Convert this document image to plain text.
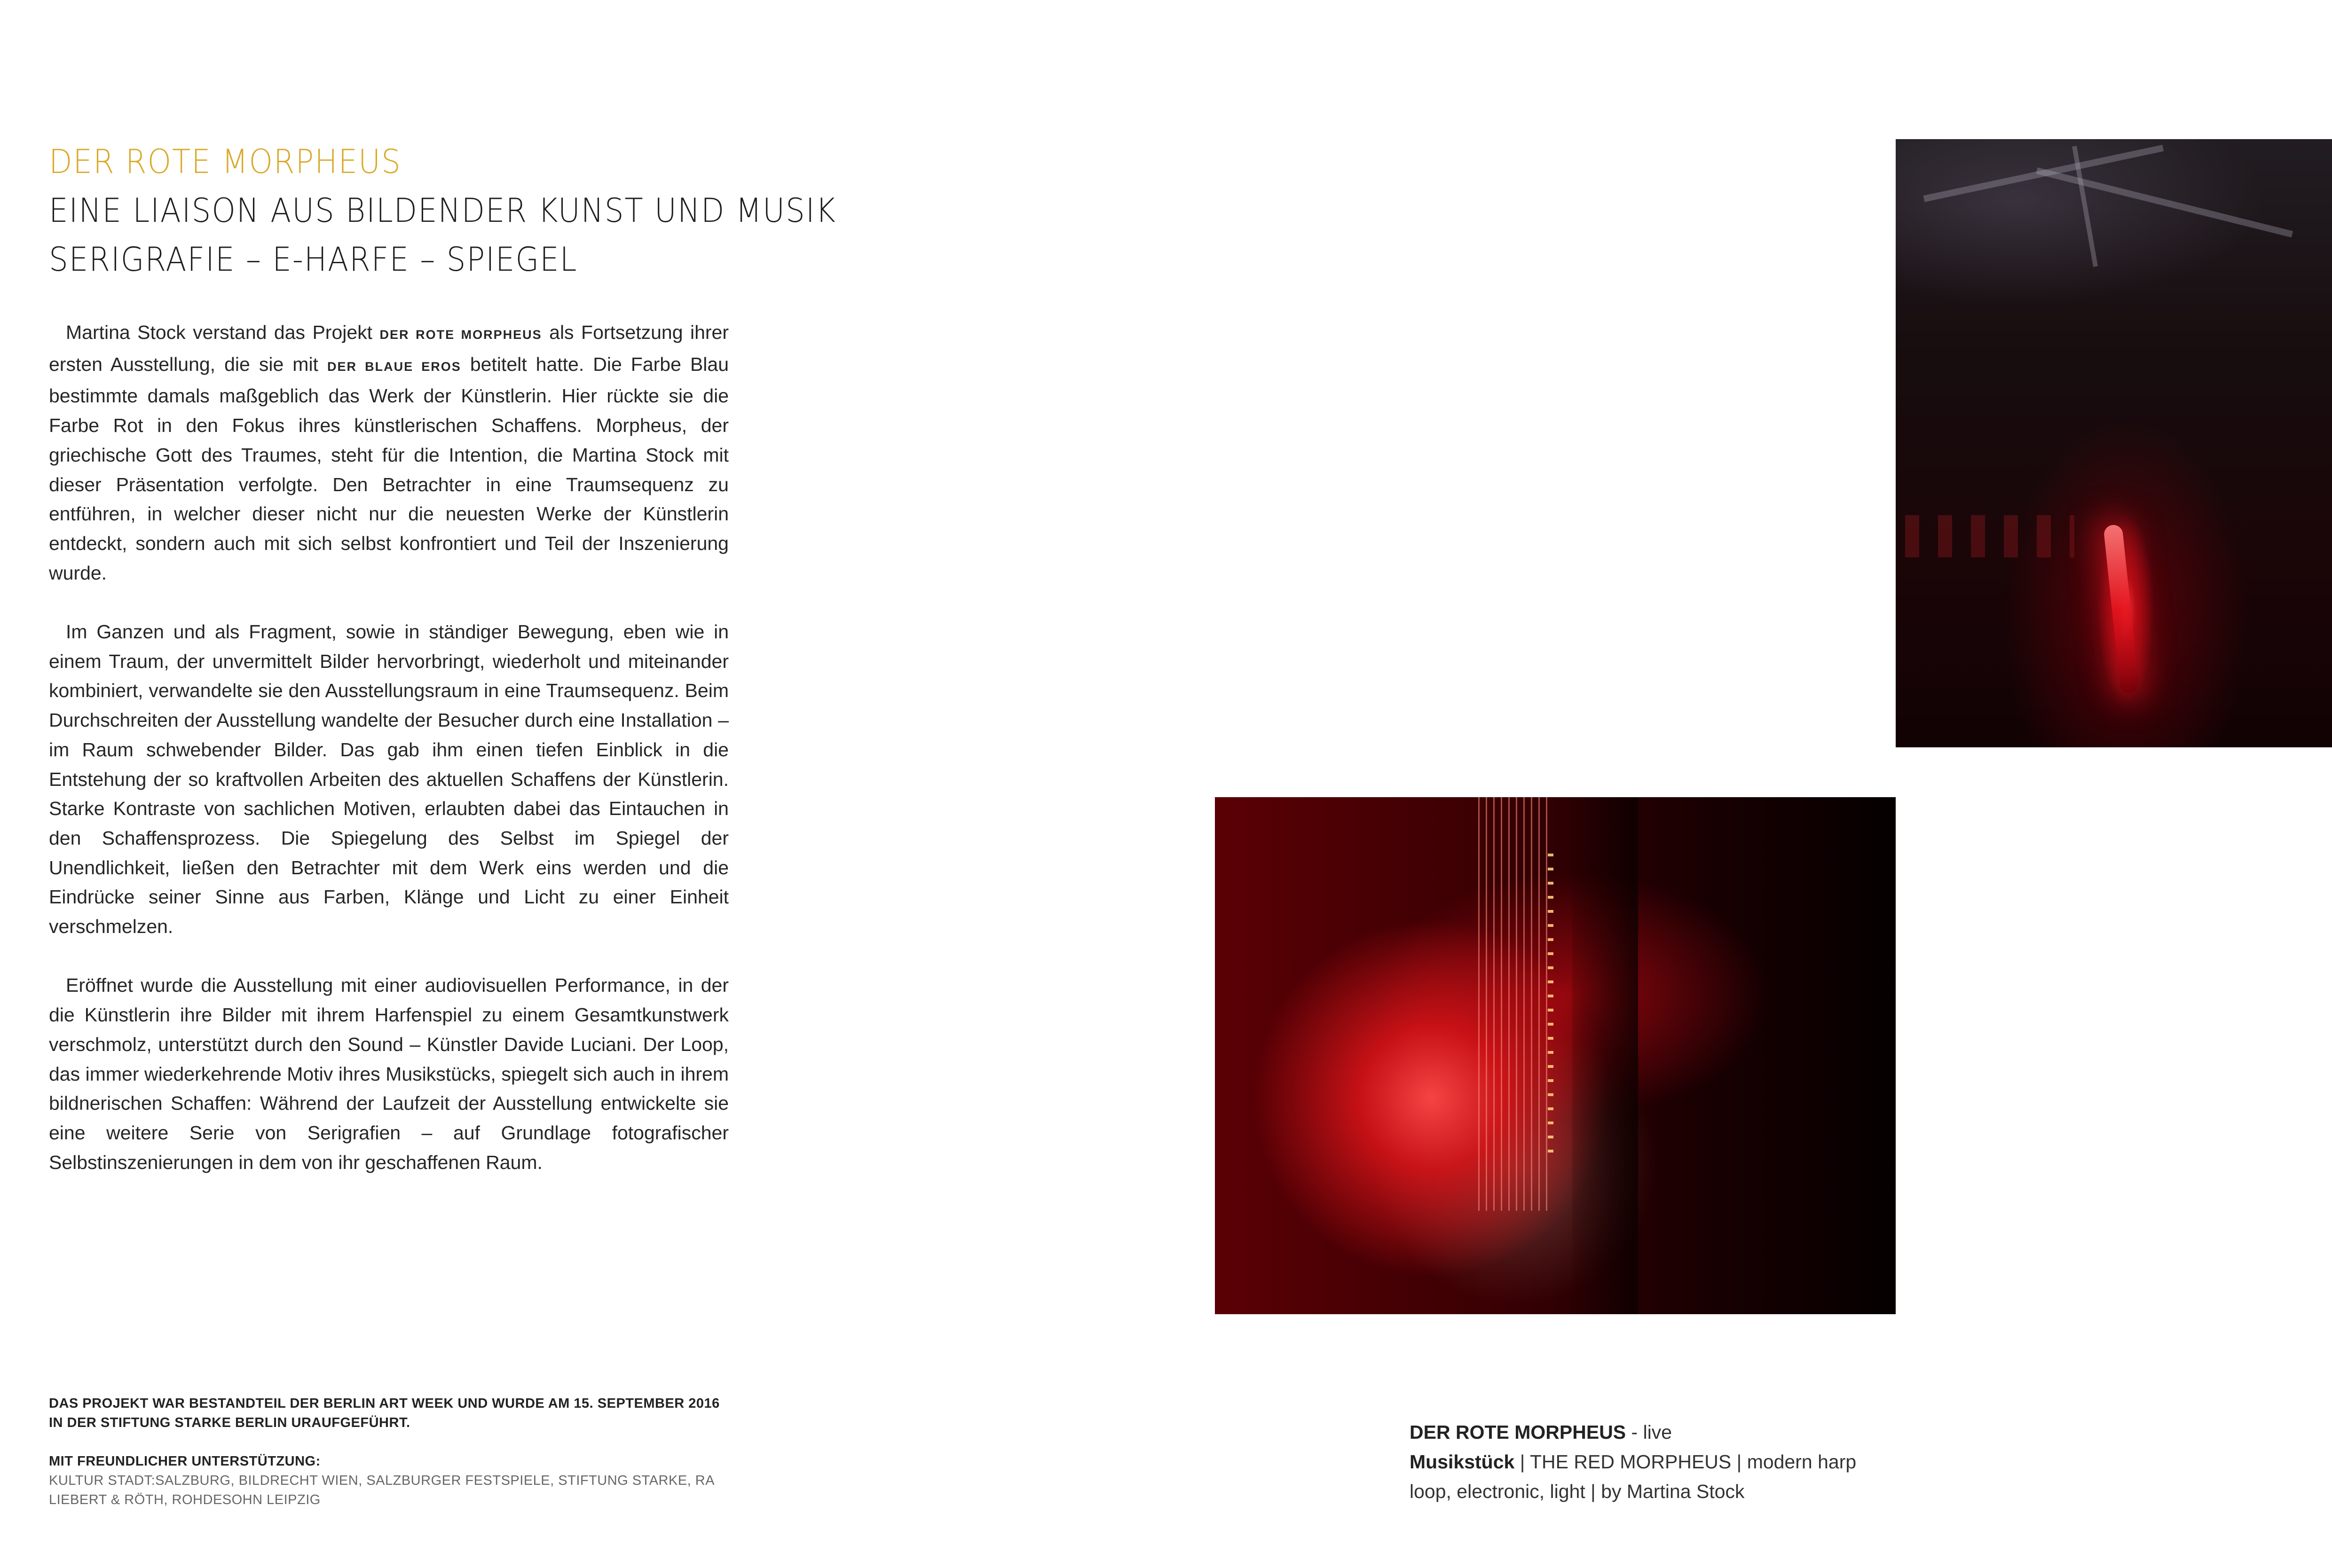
DER ROTE MORPHEUS
EINE LIAISON AUS BILDENDER KUNST UND MUSIK
SERIGRAFIE – E-HARFE – SPIEGEL

Martina Stock verstand das Projekt DER ROTE MORPHEUS als Fortsetzung ihrer ersten Ausstellung, die sie mit DER BLAUE EROS betitelt hatte. Die Farbe Blau bestimmte damals maßgeblich das Werk der Künstlerin. Hier rückte sie die Farbe Rot in den Fokus ihres künstlerischen Schaffens. Morpheus, der griechische Gott des Traumes, steht für die Intention, die Martina Stock mit dieser Präsentation verfolgte. Den Betrachter in eine Traumsequenz zu entführen, in welcher dieser nicht nur die neuesten Werke der Künstlerin entdeckt, sondern auch mit sich selbst konfrontiert und Teil der Inszenierung wurde.

Im Ganzen und als Fragment, sowie in ständiger Bewegung, eben wie in einem Traum, der unvermittelt Bilder hervorbringt, wiederholt und miteinander kombiniert, verwandelte sie den Ausstellungsraum in eine Traumsequenz. Beim Durchschreiten der Ausstellung wandelte der Besucher durch eine Installation – im Raum schwebender Bilder. Das gab ihm einen tiefen Einblick in die Entstehung der so kraftvollen Arbeiten des aktuellen Schaffens der Künstlerin. Starke Kontraste von sachlichen Motiven, erlaubten dabei das Eintauchen in den Schaffensprozess. Die Spiegelung des Selbst im Spiegel der Unendlichkeit, ließen den Betrachter mit dem Werk eins werden und die Eindrücke seiner Sinne aus Farben, Klänge und Licht zu einer Einheit verschmelzen.

Eröffnet wurde die Ausstellung mit einer audiovisuellen Performance, in der die Künstlerin ihre Bilder mit ihrem Harfenspiel zu einem Gesamtkunstwerk verschmolz, unterstützt durch den Sound – Künstler Davide Luciani. Der Loop, das immer wiederkehrende Motiv ihres Musikstücks, spiegelt sich auch in ihrem bildnerischen Schaffen: Während der Laufzeit der Ausstellung entwickelte sie eine weitere Serie von Serigrafien – auf Grundlage fotografischer Selbstinszenierungen in dem von ihr geschaffenen Raum.

DAS PROJEKT WAR BESTANDTEIL DER BERLIN ART WEEK UND WURDE AM 15. SEPTEMBER 2016 IN DER STIFTUNG STARKE BERLIN URAUFGEFÜHRT.
MIT FREUNDLICHER UNTERSTÜTZUNG:
KULTUR STADT:SALZBURG, BILDRECHT WIEN, SALZBURGER FESTSPIELE, STIFTUNG STARKE, RA LIEBERT & RÖTH, ROHDESOHN LEIPZIG
DER ROTE MORPHEUS - live
Musikstück | THE RED MORPHEUS | modern harp
loop, electronic, light | by Martina Stock
